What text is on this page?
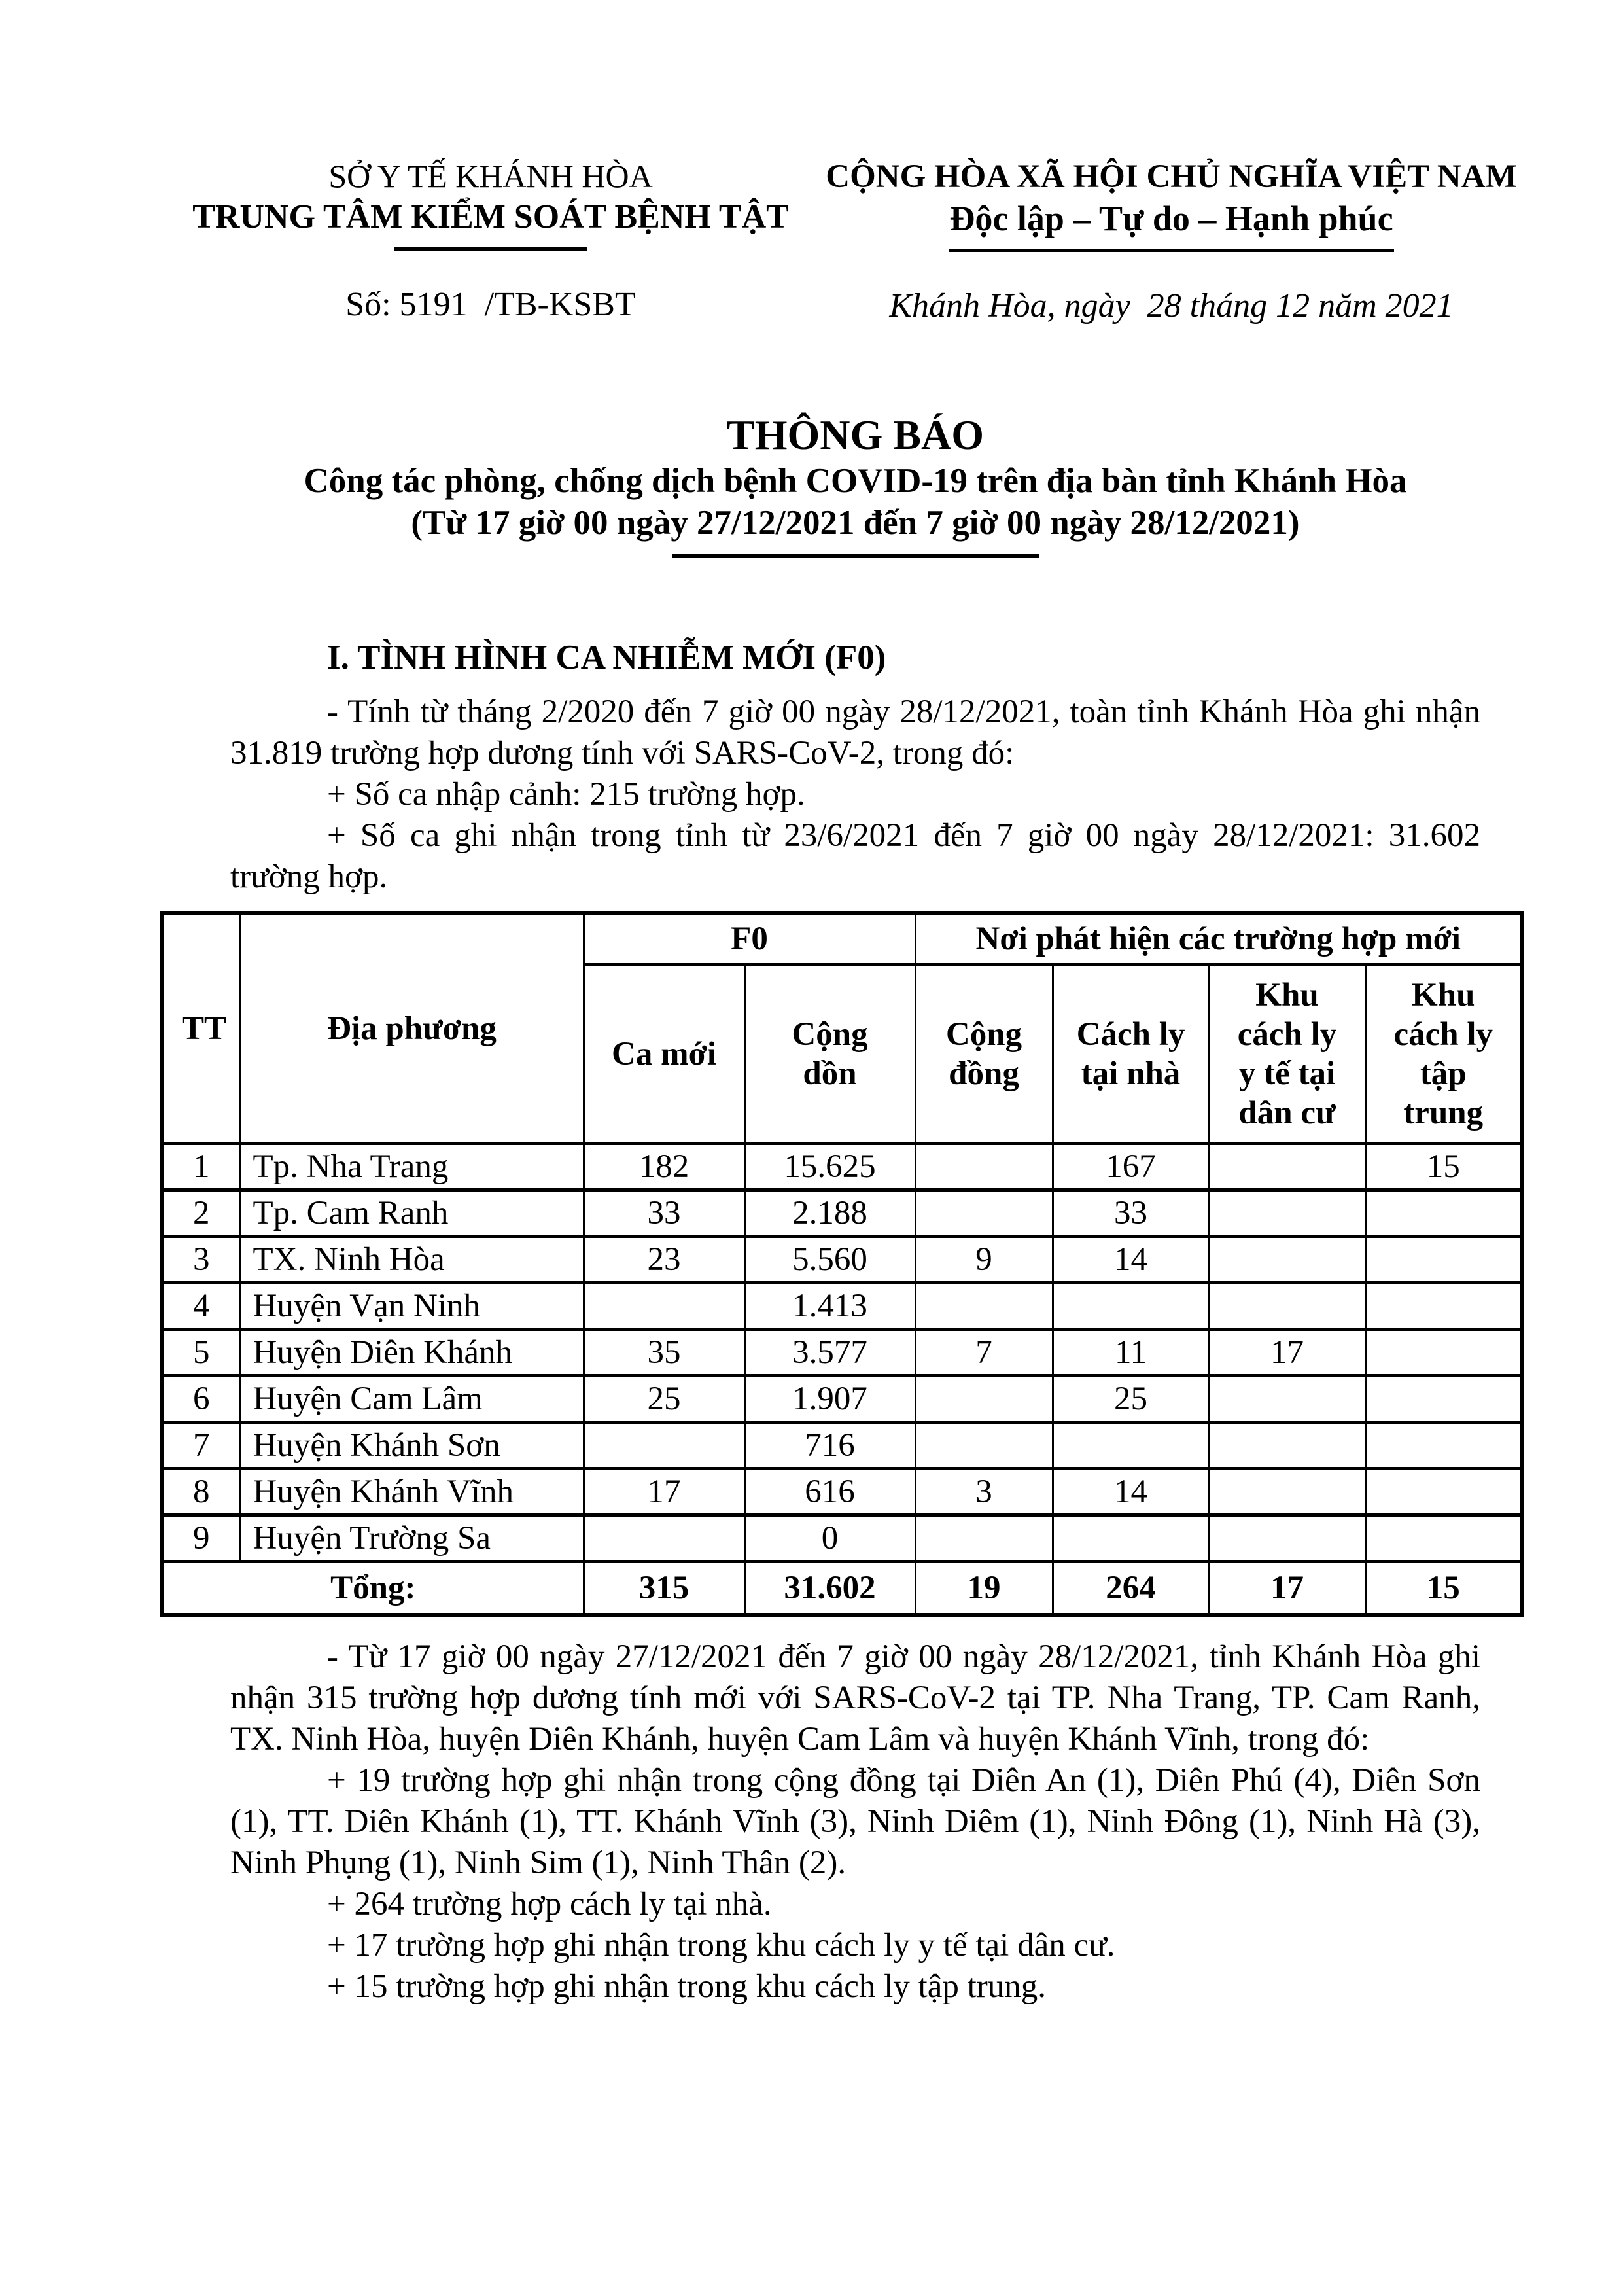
SỞ Y TẾ KHÁNH HÒA
TRUNG TÂM KIỂM SOÁT BỆNH TẬT
Số: 5191  /TB-KSBT
CỘNG HÒA XÃ HỘI CHỦ NGHĨA VIỆT NAM
Độc lập – Tự do – Hạnh phúc
Khánh Hòa, ngày  28 tháng 12 năm 2021
THÔNG BÁO
Công tác phòng, chống dịch bệnh COVID-19 trên địa bàn tỉnh Khánh Hòa
(Từ 17 giờ 00 ngày 27/12/2021 đến 7 giờ 00 ngày 28/12/2021)
I. TÌNH HÌNH CA NHIỄM MỚI (F0)

- Tính từ tháng 2/2020 đến 7 giờ 00 ngày 28/12/2021, toàn tỉnh Khánh Hòa ghi nhận 31.819 trường hợp dương tính với SARS-CoV-2, trong đó:

+ Số ca nhập cảnh: 215 trường hợp.

+ Số ca ghi nhận trong tỉnh từ 23/6/2021 đến 7 giờ 00 ngày 28/12/2021: 31.602 trường hợp.

TT	Địa phương	F0		Nơi phát hiện các trường hợp mới			
		Ca mới	Cộng dồn	Cộng đồng	Cách ly tại nhà	Khu cách ly y tế tại dân cư	Khu cách ly tập trung
1	Tp. Nha Trang	182	15.625		167		15
2	Tp. Cam Ranh	33	2.188		33		
3	TX. Ninh Hòa	23	5.560	9	14		
4	Huyện Vạn Ninh		1.413				
5	Huyện Diên Khánh	35	3.577	7	11	17	
6	Huyện Cam Lâm	25	1.907		25		
7	Huyện Khánh Sơn		716				
8	Huyện Khánh Vĩnh	17	616	3	14		
9	Huyện Trường Sa		0				
Tổng:		315	31.602	19	264	17	15

- Từ 17 giờ 00 ngày 27/12/2021 đến 7 giờ 00 ngày 28/12/2021, tỉnh Khánh Hòa ghi nhận 315 trường hợp dương tính mới với SARS-CoV-2 tại TP. Nha Trang, TP. Cam Ranh, TX. Ninh Hòa, huyện Diên Khánh, huyện Cam Lâm và huyện Khánh Vĩnh, trong đó:

+ 19 trường hợp ghi nhận trong cộng đồng tại Diên An (1), Diên Phú (4), Diên Sơn (1), TT. Diên Khánh (1), TT. Khánh Vĩnh (3), Ninh Diêm (1), Ninh Đông (1), Ninh Hà (3), Ninh Phụng (1), Ninh Sim (1), Ninh Thân (2).

+ 264 trường hợp cách ly tại nhà.

+ 17 trường hợp ghi nhận trong khu cách ly y tế tại dân cư.

+ 15 trường hợp ghi nhận trong khu cách ly tập trung.
